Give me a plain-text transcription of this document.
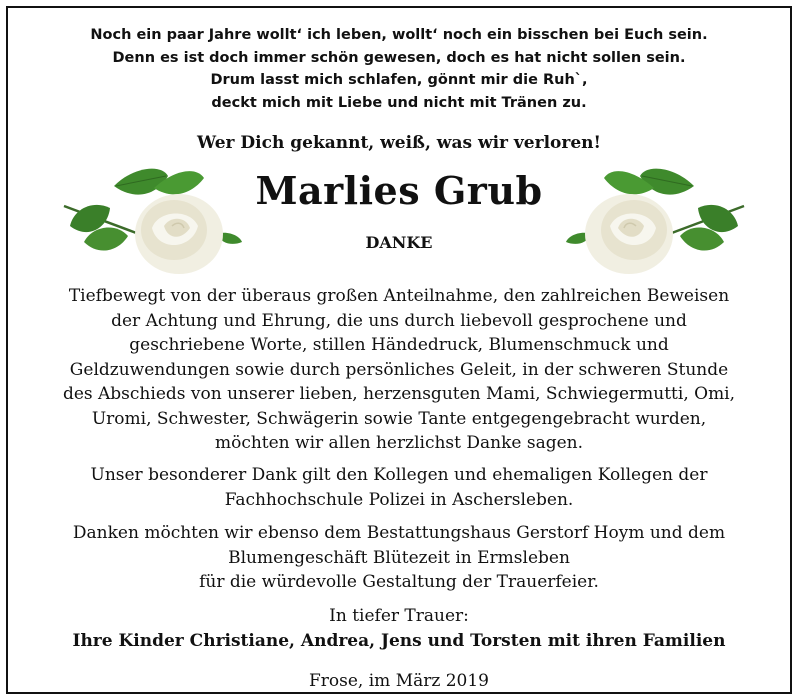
Noch ein paar Jahre wollt‘ ich leben, wollt‘ noch ein bisschen bei Euch sein.
Denn es ist doch immer schön gewesen, doch es hat nicht sollen sein.
Drum lasst mich schlafen, gönnt mir die Ruh`,
deckt mich mit Liebe und nicht mit Tränen zu.
Wer Dich gekannt, weiß, was wir verloren!
Marlies Grub
DANKE
Tiefbewegt von der überaus großen Anteilnahme, den zahlreichen Beweisen
der Achtung und Ehrung, die uns durch liebevoll gesprochene und
geschriebene Worte, stillen Händedruck, Blumenschmuck und
Geldzuwendungen sowie durch persönliches Geleit, in der schweren Stunde
des Abschieds von unserer lieben, herzensguten Mami, Schwiegermutti, Omi,
Uromi, Schwester, Schwägerin sowie Tante entgegengebracht wurden,
möchten wir allen herzlichst Danke sagen.
Unser besonderer Dank gilt den Kollegen und ehemaligen Kollegen der
Fachhochschule Polizei in Aschersleben.
Danken möchten wir ebenso dem Bestattungshaus Gerstorf Hoym und dem
Blumengeschäft Blütezeit in Ermsleben
für die würdevolle Gestaltung der Trauerfeier.
In tiefer Trauer:
Ihre Kinder Christiane, Andrea, Jens und Torsten mit ihren Familien
Frose, im März 2019
